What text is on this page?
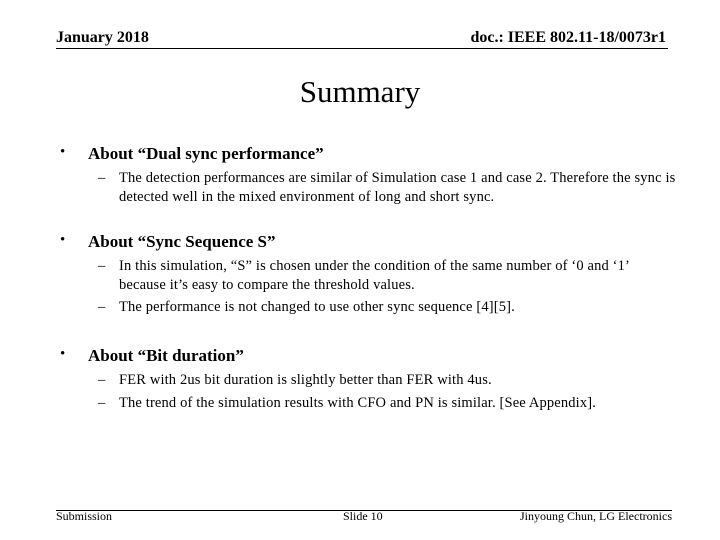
January 2018	doc.: IEEE 802.11-18/0073r1
Summary
• About “Dual sync performance”
– The detection performances are similar of Simulation case 1 and case 2. Therefore the sync is detected well in the mixed environment of long and short sync.
• About “Sync Sequence S”
– In this simulation, “S” is chosen under the condition of the same number of ‘0 and ‘1’ because it’s easy to compare the threshold values.
– The performance is not changed to use other sync sequence [4][5].
• About “Bit duration”
– FER with 2us bit duration is slightly better than FER with 4us.
– The trend of the simulation results with CFO and PN is similar. [See Appendix].
Submission	Slide 10	Jinyoung Chun, LG Electronics
